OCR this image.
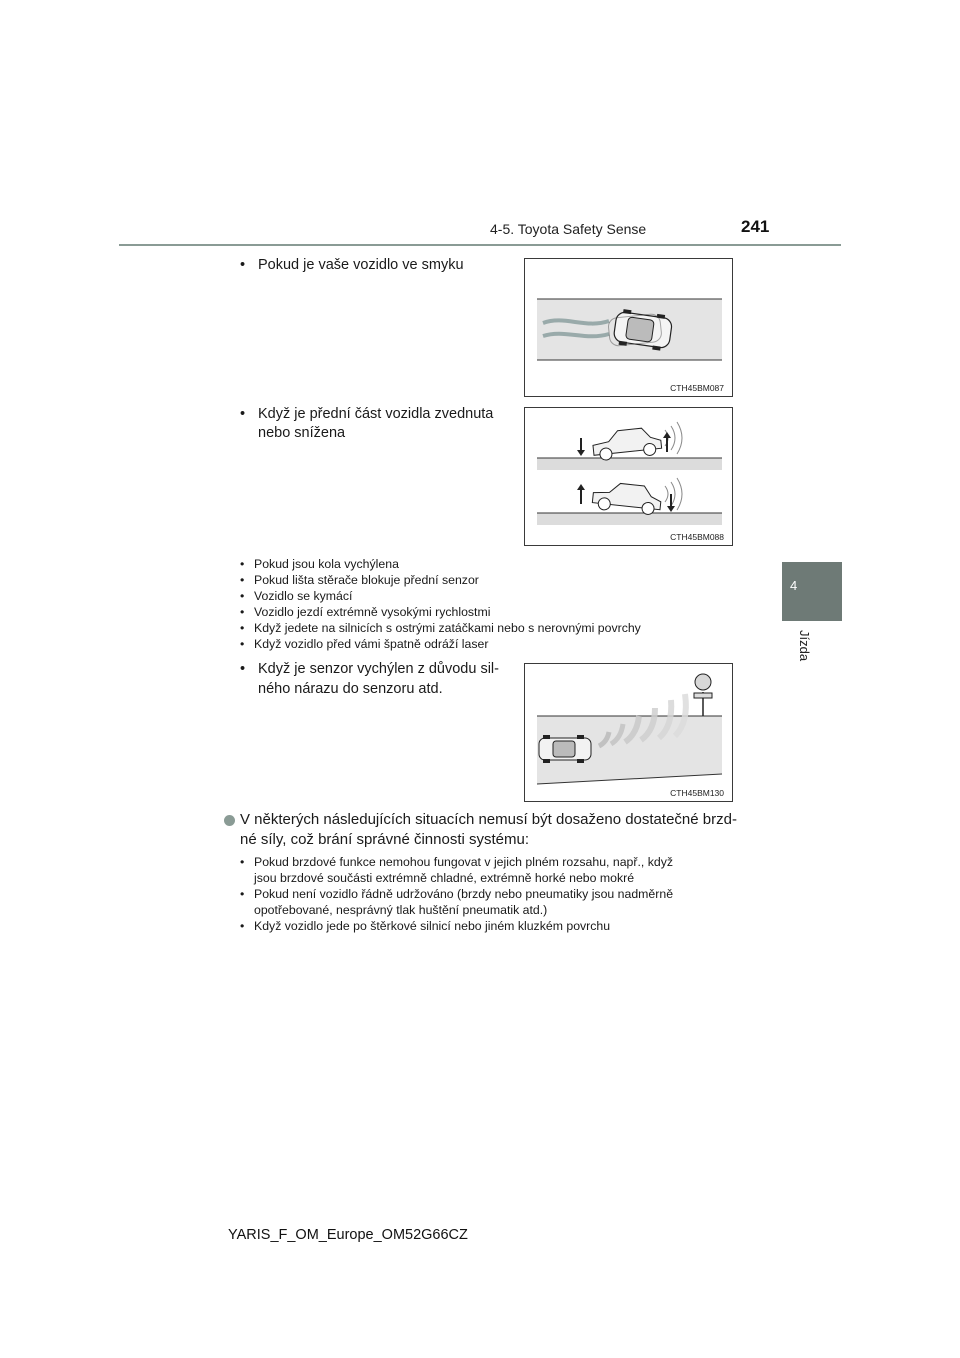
4-5. Toyota Safety Sense	241
4
Jízda
• Pokud je vaše vozidlo ve smyku
CTH45BM087
• Když je přední část vozidla zvednuta
nebo snížena
CTH45BM088
• Pokud jsou kola vychýlena
• Pokud lišta stěrače blokuje přední senzor
• Vozidlo se kymácí
• Vozidlo jezdí extrémně vysokými rychlostmi
• Když jedete na silnicích s ostrými zatáčkami nebo s nerovnými povrchy
• Když vozidlo před vámi špatně odráží laser
• Když je senzor vychýlen z důvodu sil-
ného nárazu do senzoru atd.
CTH45BM130
V některých následujících situacích nemusí být dosaženo dostatečné brzd-
né síly, což brání správné činnosti systému:
• Pokud brzdové funkce nemohou fungovat v jejich plném rozsahu, např., když
jsou brzdové součásti extrémně chladné, extrémně horké nebo mokré
• Pokud není vozidlo řádně udržováno (brzdy nebo pneumatiky jsou nadměrně
opotřebované, nesprávný tlak huštění pneumatik atd.)
• Když vozidlo jede po štěrkové silnicí nebo jiném kluzkém povrchu
YARIS_F_OM_Europe_OM52G66CZ
